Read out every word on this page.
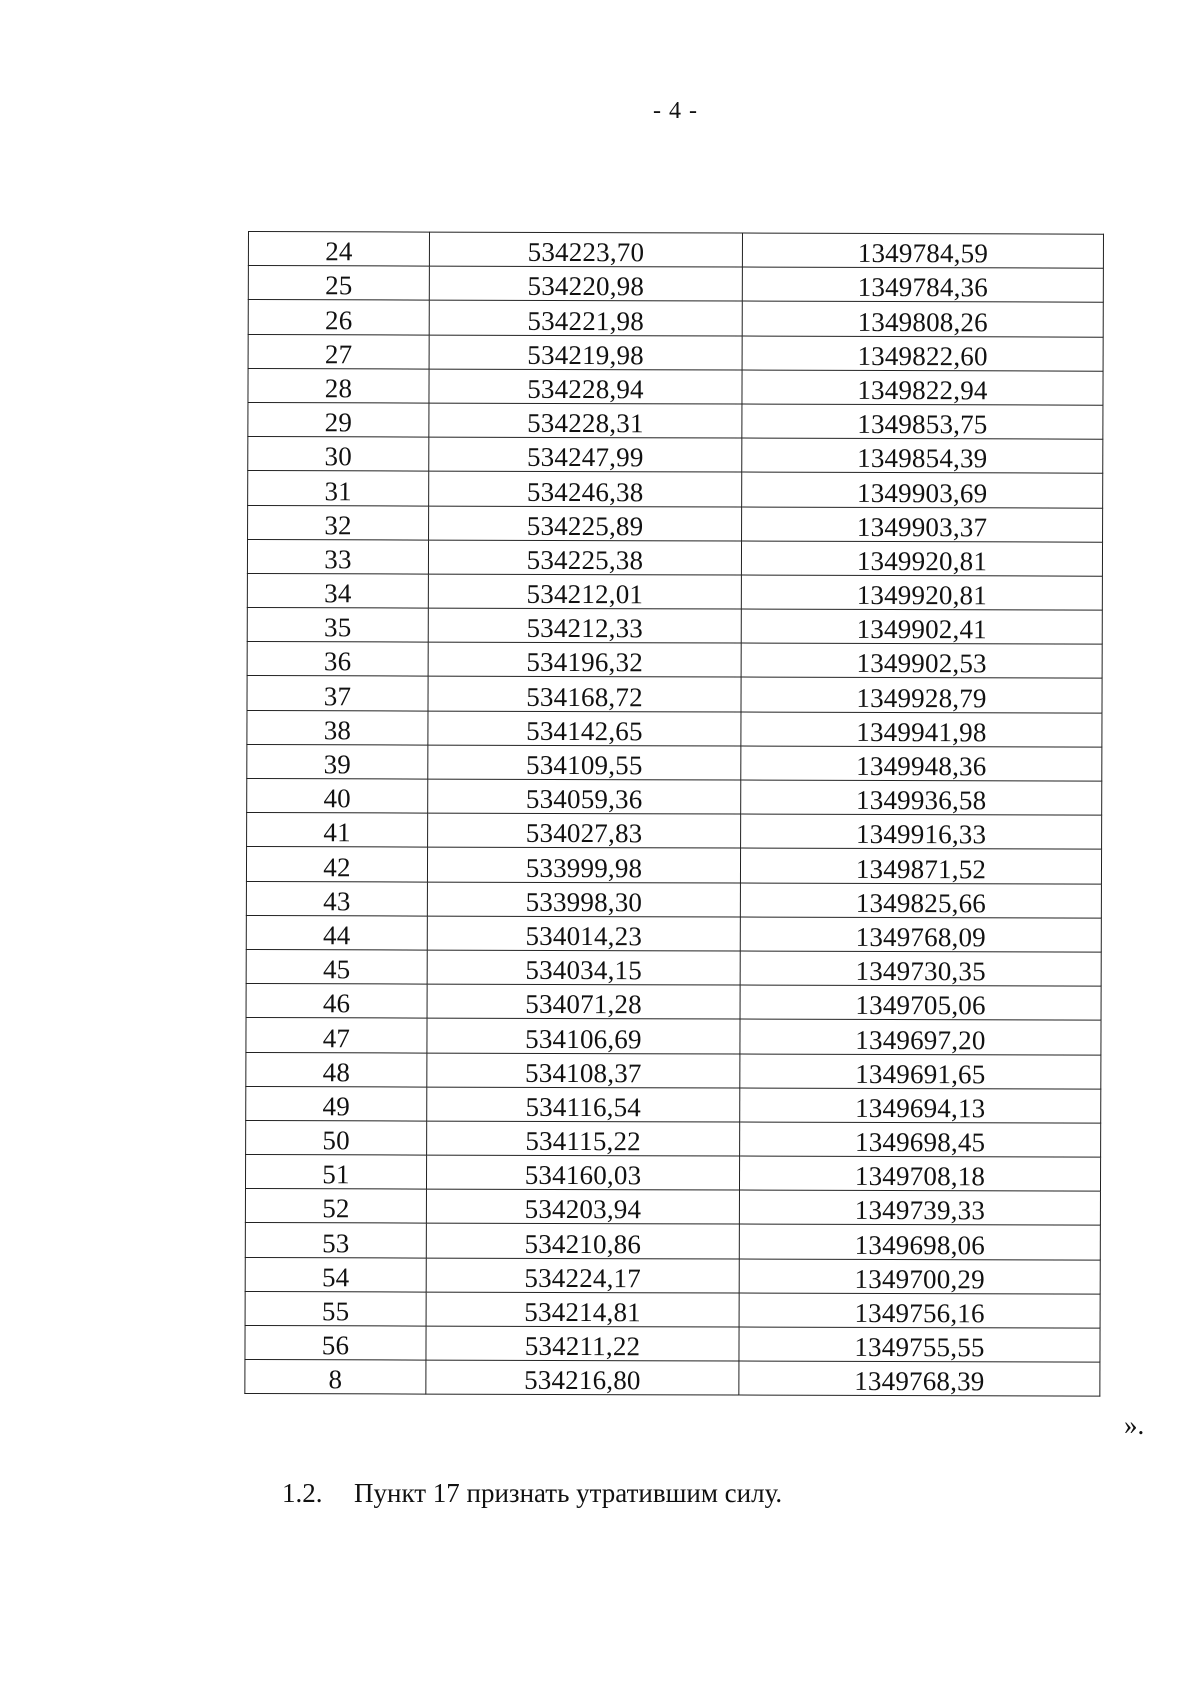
- 4 -
24	534223,70	1349784,59
25	534220,98	1349784,36
26	534221,98	1349808,26
27	534219,98	1349822,60
28	534228,94	1349822,94
29	534228,31	1349853,75
30	534247,99	1349854,39
31	534246,38	1349903,69
32	534225,89	1349903,37
33	534225,38	1349920,81
34	534212,01	1349920,81
35	534212,33	1349902,41
36	534196,32	1349902,53
37	534168,72	1349928,79
38	534142,65	1349941,98
39	534109,55	1349948,36
40	534059,36	1349936,58
41	534027,83	1349916,33
42	533999,98	1349871,52
43	533998,30	1349825,66
44	534014,23	1349768,09
45	534034,15	1349730,35
46	534071,28	1349705,06
47	534106,69	1349697,20
48	534108,37	1349691,65
49	534116,54	1349694,13
50	534115,22	1349698,45
51	534160,03	1349708,18
52	534203,94	1349739,33
53	534210,86	1349698,06
54	534224,17	1349700,29
55	534214,81	1349756,16
56	534211,22	1349755,55
8	534216,80	1349768,39
».
1.2. Пункт 17 признать утратившим силу.
